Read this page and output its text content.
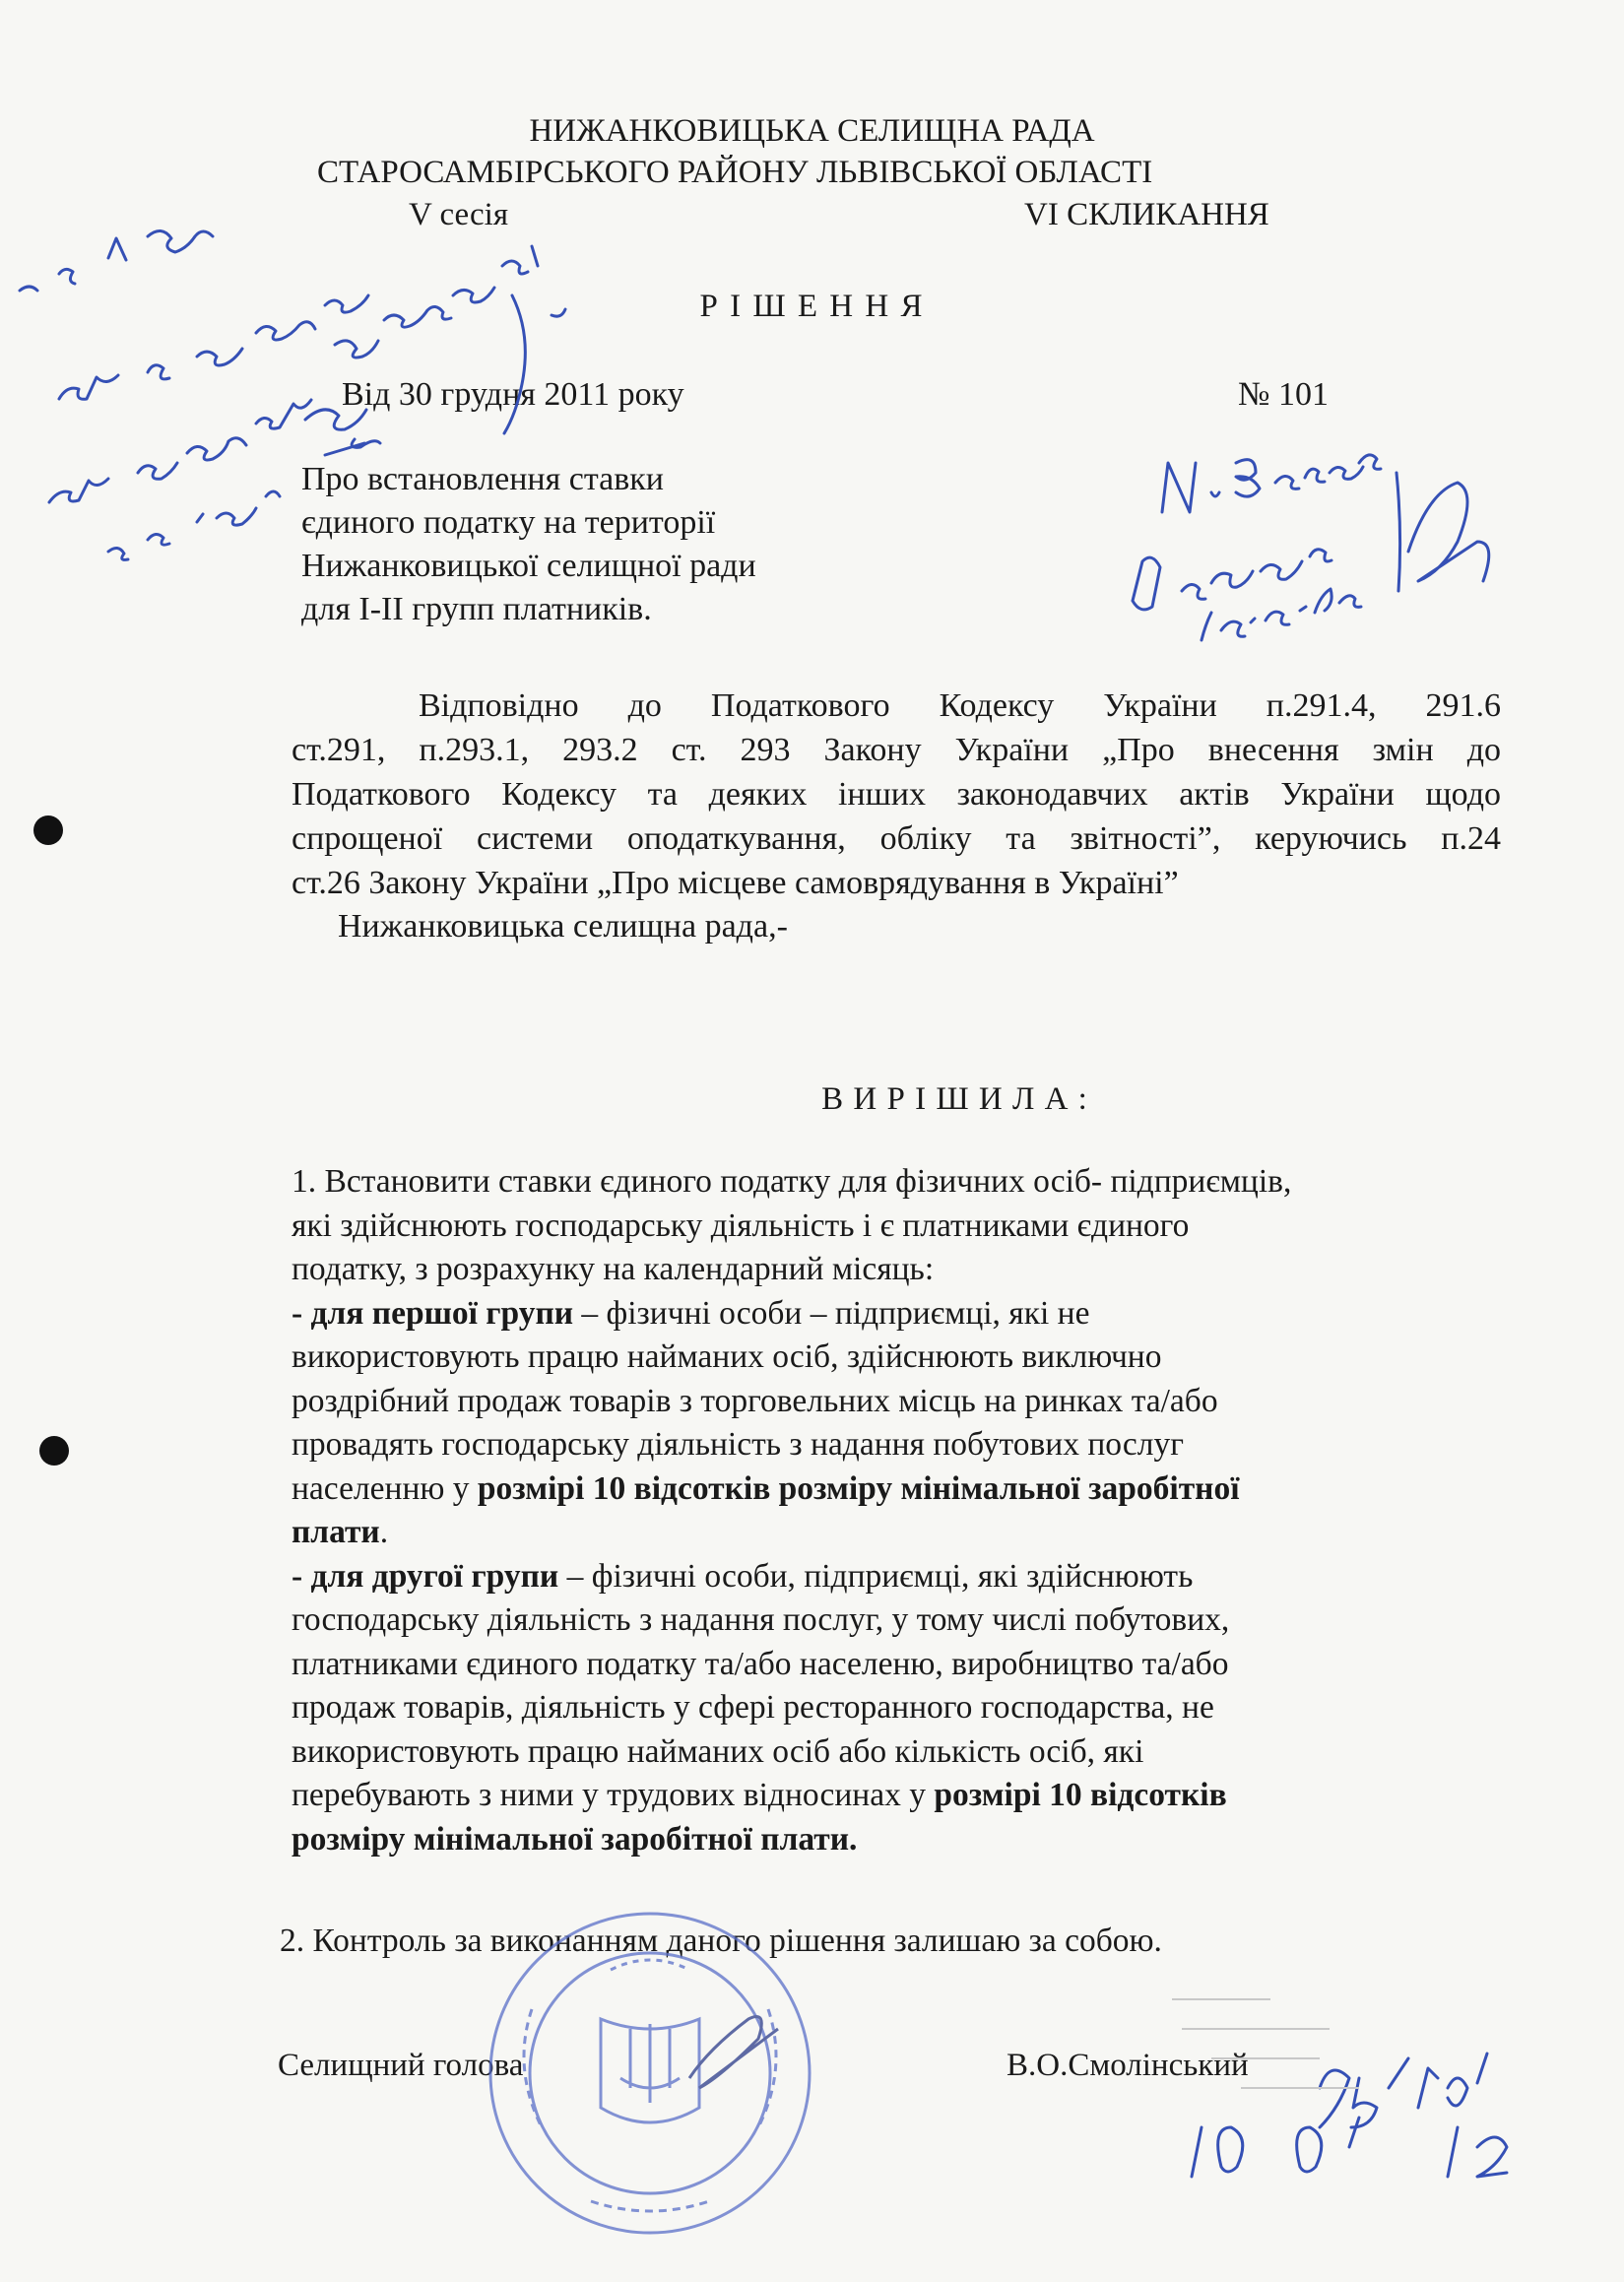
НИЖАНКОВИЦЬКА СЕЛИЩНА РАДА
СТАРОСАМБІРСЬКОГО РАЙОНУ ЛЬВІВСЬКОЇ ОБЛАСТІ
V сесія	VI СКЛИКАННЯ
Р І Ш Е Н Н Я
Від 30 грудня 2011 року	№ 101
Про встановлення ставки
єдиного податку на території
Нижанковицької селищної ради
для І-ІІ групп платників.
Відповідно до Податкового Кодексу України п.291.4, 291.6
ст.291, п.293.1, 293.2 ст. 293 Закону України „Про внесення змін до
Податкового Кодексу та деяких інших законодавчих актів України щодо
спрощеної системи оподаткування, обліку та звітності”, керуючись п.24
ст.26 Закону України „Про місцеве самоврядування в Україні”
Нижанковицька селищна рада,-
В И Р І Ш И Л А :
1. Встановити ставки єдиного податку для фізичних осіб- підприємців,
які здійснюють господарську діяльність і є платниками єдиного
податку, з розрахунку на календарний місяць:
- для першої групи – фізичні особи – підприємці, які не
використовують працю найманих осіб, здійснюють виключно
роздрібний продаж товарів з торговельних місць на ринках та/або
провадять господарську діяльність з надання побутових послуг
населенню у розмірі 10 відсотків розміру мінімальної заробітної
плати.
- для другої групи – фізичні особи, підприємці, які здійснюють
господарську діяльність з надання послуг, у тому числі побутових,
платниками єдиного податку та/або населеню, виробництво та/або
продаж товарів, діяльність у сфері ресторанного господарства, не
використовують працю найманих осіб або кількість осіб, які
перебувають з ними у трудових відносинах у розмірі 10 відсотків
розміру мінімальної заробітної плати.
2. Контроль за виконанням даного рішення залишаю за собою.
Селищний голова	В.О.Смолінський
